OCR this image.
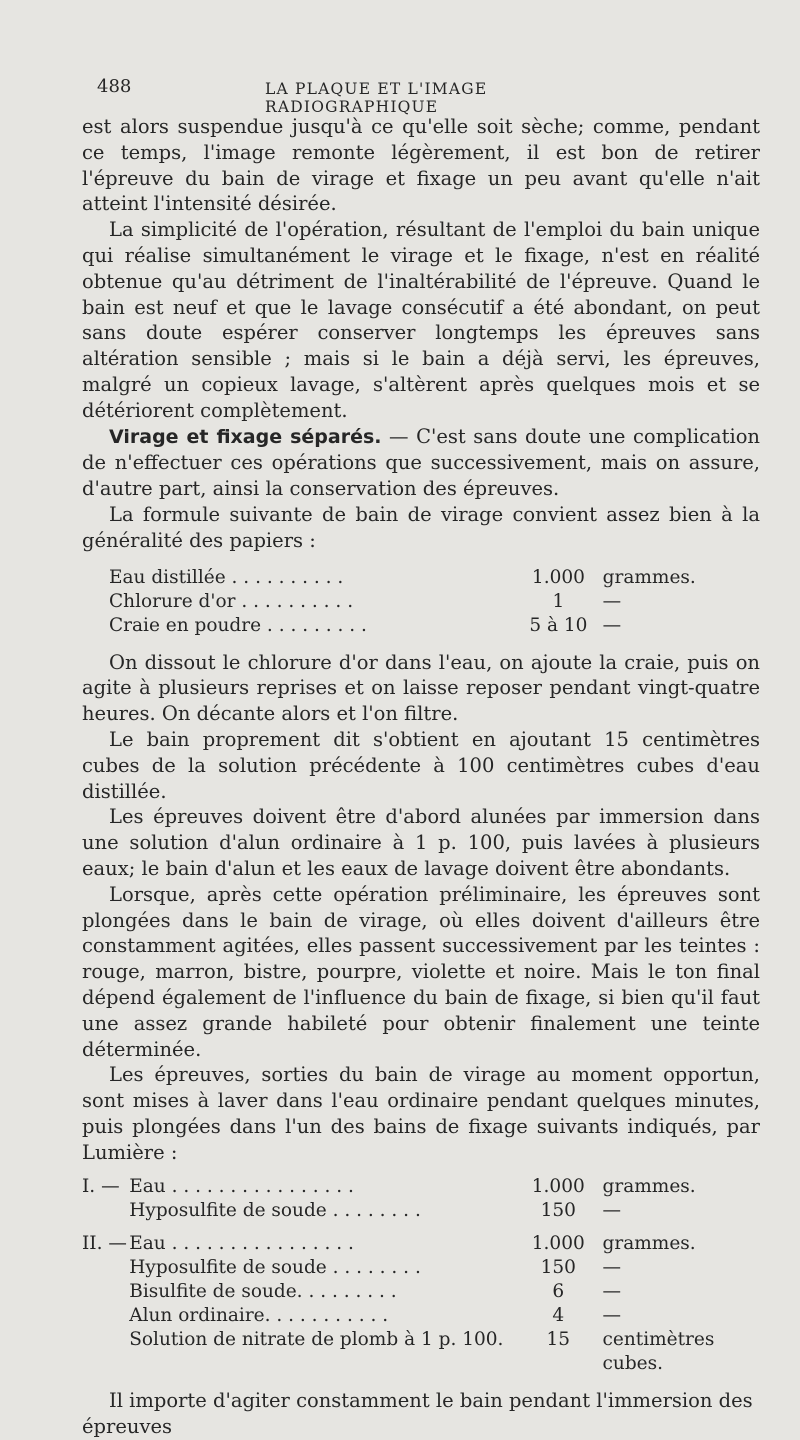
488	LA PLAQUE ET L'IMAGE RADIOGRAPHIQUE

est alors suspendue jusqu'à ce qu'elle soit sèche; comme, pendant ce temps, l'image remonte légèrement, il est bon de retirer l'épreuve du bain de virage et fixage un peu avant qu'elle n'ait atteint l'intensité désirée.

La simplicité de l'opération, résultant de l'emploi du bain unique qui réalise simultanément le virage et le fixage, n'est en réalité obtenue qu'au détriment de l'inaltérabilité de l'épreuve. Quand le bain est neuf et que le lavage consécutif a été abondant, on peut sans doute espérer conserver longtemps les épreuves sans altération sensible ; mais si le bain a déjà servi, les épreuves, malgré un copieux lavage, s'altèrent après quelques mois et se détériorent complètement.

Virage et fixage séparés. — C'est sans doute une complication de n'effectuer ces opérations que successivement, mais on assure, d'autre part, ainsi la conservation des épreuves.

La formule suivante de bain de virage convient assez bien à la généralité des papiers :

Eau distillée . . . . . . . . . .	1.000 grammes.
Chlorure d'or . . . . . . . . . .	1	—
Craie en poudre . . . . . . . . .	5 à 10 —

On dissout le chlorure d'or dans l'eau, on ajoute la craie, puis on agite à plusieurs reprises et on laisse reposer pendant vingt-quatre heures. On décante alors et l'on filtre.

Le bain proprement dit s'obtient en ajoutant 15 centimètres cubes de la solution précédente à 100 centimètres cubes d'eau distillée.

Les épreuves doivent être d'abord alunées par immersion dans une solution d'alun ordinaire à 1 p. 100, puis lavées à plusieurs eaux; le bain d'alun et les eaux de lavage doivent être abondants.

Lorsque, après cette opération préliminaire, les épreuves sont plongées dans le bain de virage, où elles doivent d'ailleurs être constamment agitées, elles passent successivement par les teintes : rouge, marron, bistre, pourpre, violette et noire. Mais le ton final dépend également de l'influence du bain de fixage, si bien qu'il faut une assez grande habileté pour obtenir finalement une teinte déterminée.

Les épreuves, sorties du bain de virage au moment opportun, sont mises à laver dans l'eau ordinaire pendant quelques minutes, puis plongées dans l'un des bains de fixage suivants indiqués, par Lumière :

I. — Eau . . . . . . . . . . . . . . . .	1.000 grammes.
Hyposulfite de soude . . . . . . . .	150	—
II. — Eau . . . . . . . . . . . . . . . .	1.000 grammes.
Hyposulfite de soude . . . . . . . .	150	—
Bisulfite de soude. . . . . . . . .	6	—
Alun ordinaire. . . . . . . . . . .	4	—
Solution de nitrate de plomb à 1 p. 100.	15	centimètres cubes.

Il importe d'agiter constamment le bain pendant l'immersion des épreuves
